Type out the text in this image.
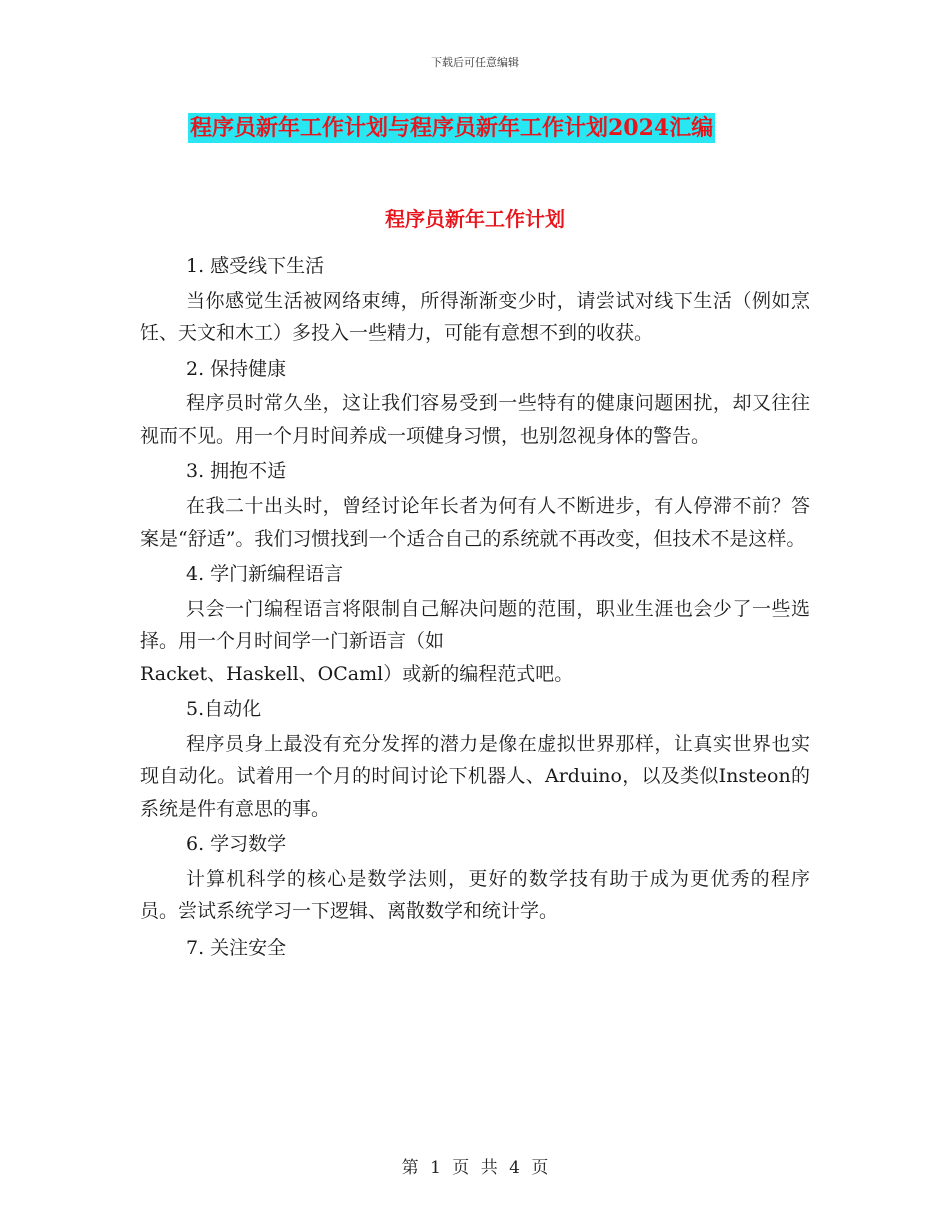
下载后可任意编辑
程序员新年工作计划与程序员新年工作计划2024汇编
程序员新年工作计划

1. 感受线下生活

当你感觉生活被网络束缚，所得渐渐变少时，请尝试对线下生活（例如烹饪、天文和木工）多投入一些精力，可能有意想不到的收获。

2. 保持健康

程序员时常久坐，这让我们容易受到一些特有的健康问题困扰，却又往往视而不见。用一个月时间养成一项健身习惯，也别忽视身体的警告。

3. 拥抱不适

在我二十出头时，曾经讨论年长者为何有人不断进步，有人停滞不前？答案是“舒适”。我们习惯找到一个适合自己的系统就不再改变，但技术不是这样。

4. 学门新编程语言

只会一门编程语言将限制自己解决问题的范围，职业生涯也会少了一些选择。用一个月时间学一门新语言（如

Racket、Haskell、OCaml）或新的编程范式吧。

5.自动化

程序员身上最没有充分发挥的潜力是像在虚拟世界那样，让真实世界也实现自动化。试着用一个月的时间讨论下机器人、Arduino，以及类似Insteon的系统是件有意思的事。

6. 学习数学

计算机科学的核心是数学法则，更好的数学技有助于成为更优秀的程序员。尝试系统学习一下逻辑、离散数学和统计学。

7. 关注安全

第 1 页 共 4 页
